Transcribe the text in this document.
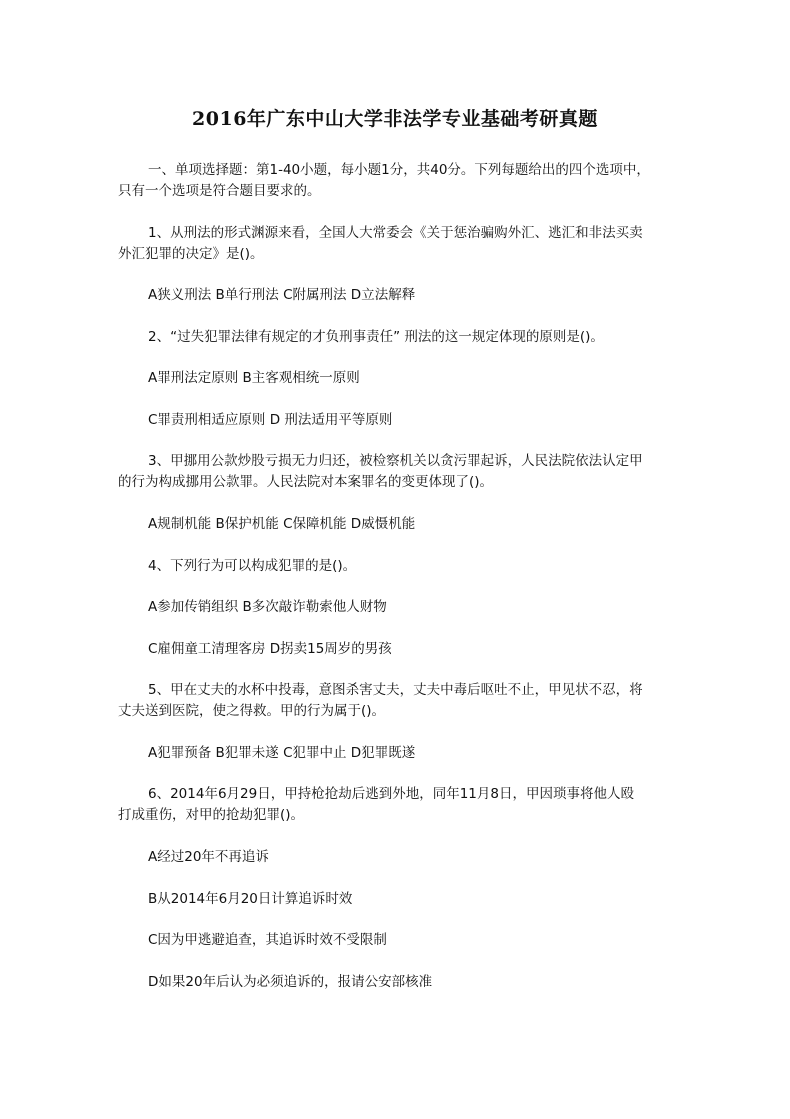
2016年广东中山大学非法学专业基础考研真题
一、单项选择题：第1-40小题，每小题1分，共40分。下列每题给出的四个选项中，
只有一个选项是符合题目要求的。
1、从刑法的形式渊源来看，全国人大常委会《关于惩治骗购外汇、逃汇和非法买卖
外汇犯罪的决定》是()。
A狭义刑法 B单行刑法 C附属刑法 D立法解释
2、“过失犯罪法律有规定的才负刑事责任” 刑法的这一规定体现的原则是()。
A罪刑法定原则 B主客观相统一原则
C罪责刑相适应原则 D 刑法适用平等原则
3、甲挪用公款炒股亏损无力归还，被检察机关以贪污罪起诉，人民法院依法认定甲
的行为构成挪用公款罪。人民法院对本案罪名的变更体现了()。
A规制机能 B保护机能 C保障机能 D威慑机能
4、下列行为可以构成犯罪的是()。
A参加传销组织 B多次敲诈勒索他人财物
C雇佣童工清理客房 D拐卖15周岁的男孩
5、甲在丈夫的水杯中投毒，意图杀害丈夫，丈夫中毒后呕吐不止，甲见状不忍，将
丈夫送到医院，使之得救。甲的行为属于()。
A犯罪预备 B犯罪未遂 C犯罪中止 D犯罪既遂
6、2014年6月29日，甲持枪抢劫后逃到外地，同年11月8日，甲因琐事将他人殴
打成重伤，对甲的抢劫犯罪()。
A经过20年不再追诉
B从2014年6月20日计算追诉时效
C因为甲逃避追查，其追诉时效不受限制
D如果20年后认为必须追诉的，报请公安部核准
